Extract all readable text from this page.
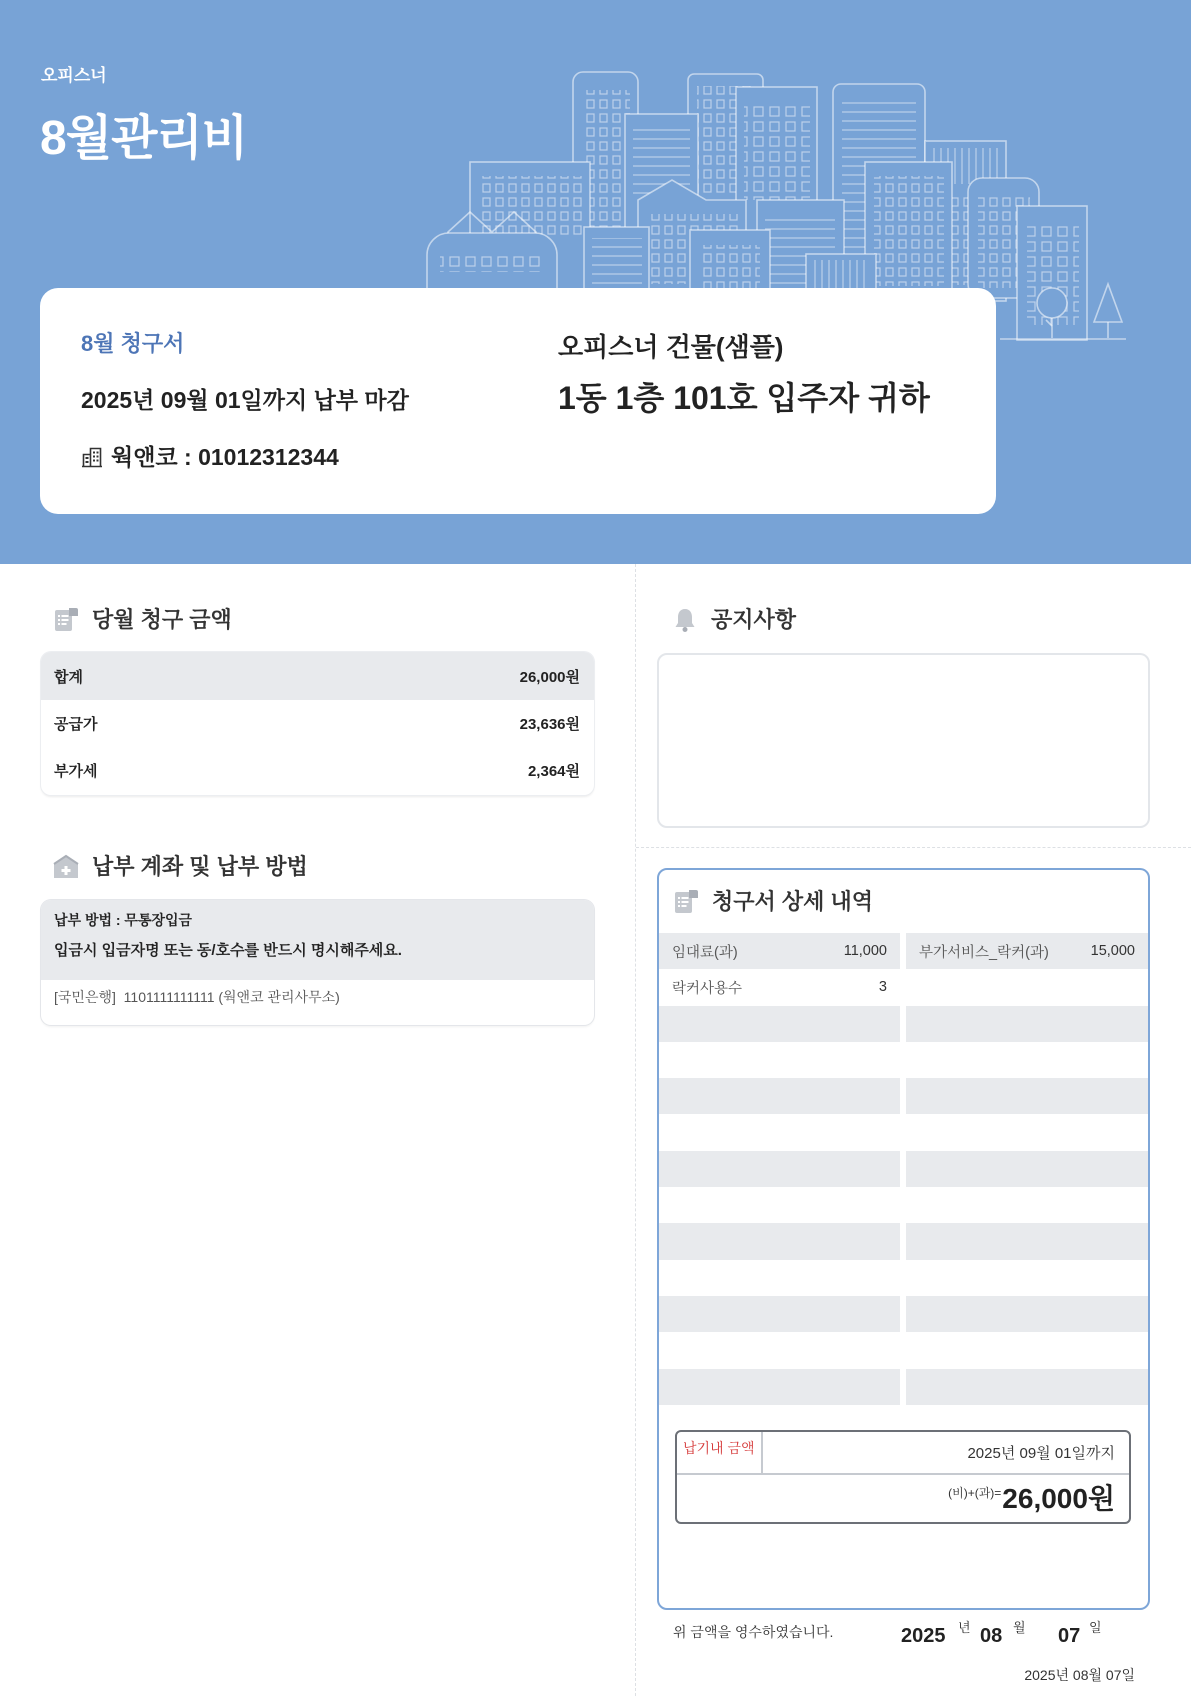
오피스너
8월관리비
8월 청구서
2025년 09월 01일까지 납부 마감
웍앤코 : 01012312344
오피스너 건물(샘플)
1동 1층 101호 입주자 귀하
당월 청구 금액
합계	26,000원
공급가	23,636원
부가세	2,364원
납부 계좌 및 납부 방법
납부 방법 : 무통장입금
입금시 입금자명 또는 동/호수를 반드시 명시해주세요.
[국민은행]  1101111111111 (웍앤코 관리사무소)
공지사항
청구서 상세 내역
임대료(과)	11,000 부가서비스_락커(과)	15,000
락커사용수	3
납기내 금액	2025년 09월 01일까지
(비)+(과)= 26,000원
위 금액을 영수하였습니다.	2025 년 08 월 07 일
2025년 08월 07일
